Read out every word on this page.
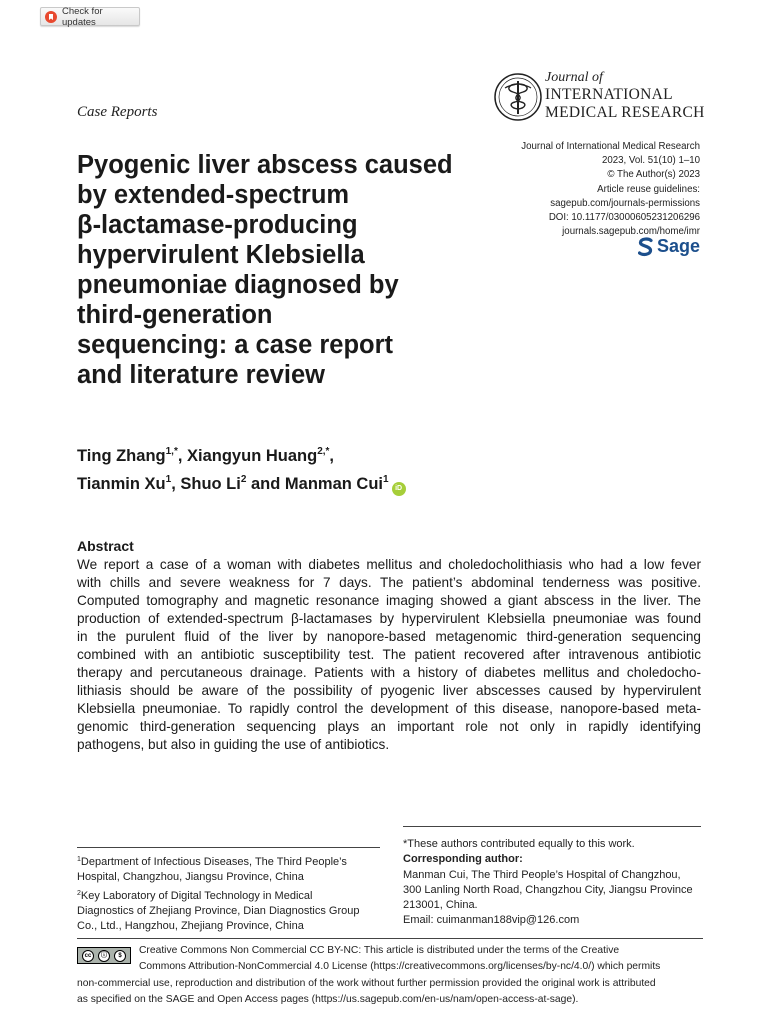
Check for updates
Case Reports
Journal of
INTERNATIONAL
MEDICAL RESEARCH
Journal of International Medical Research
2023, Vol. 51(10) 1–10
© The Author(s) 2023
Article reuse guidelines:
sagepub.com/journals-permissions
DOI: 10.1177/03000605231206296
journals.sagepub.com/home/imr
Sage
Pyogenic liver abscess caused
by extended-spectrum
β-lactamase-producing
hypervirulent Klebsiella
pneumoniae diagnosed by
third-generation
sequencing: a case report
and literature review
Ting Zhang$^{1,*}$, Xiangyun Huang$^{2,*}$,
Tianmin Xu$^1$, Shuo Li$^2$ and Manman Cui$^1$iD
Abstract
We report a case of a woman with diabetes mellitus and choledocholithiasis who had a low fever
with chills and severe weakness for 7 days. The patient’s abdominal tenderness was positive.
Computed tomography and magnetic resonance imaging showed a giant abscess in the liver. The
production of extended-spectrum β-lactamases by hypervirulent Klebsiella pneumoniae was found
in the purulent fluid of the liver by nanopore-based metagenomic third-generation sequencing
combined with an antibiotic susceptibility test. The patient recovered after intravenous antibiotic
therapy and percutaneous drainage. Patients with a history of diabetes mellitus and choledocho-
lithiasis should be aware of the possibility of pyogenic liver abscesses caused by hypervirulent
Klebsiella pneumoniae. To rapidly control the development of this disease, nanopore-based meta-
genomic third-generation sequencing plays an important role not only in rapidly identifying
pathogens, but also in guiding the use of antibiotics.
$^1$Department of Infectious Diseases, The Third People’s
Hospital, Changzhou, Jiangsu Province, China
$^2$Key Laboratory of Digital Technology in Medical
Diagnostics of Zhejiang Province, Dian Diagnostics Group
Co., Ltd., Hangzhou, Zhejiang Province, China
*These authors contributed equally to this work.
Corresponding author:
Manman Cui, The Third People’s Hospital of Changzhou,
300 Lanling North Road, Changzhou City, Jiangsu Province
213001, China.
Email: cuimanman188vip@126.com
cc	ⓘ	$	Creative Commons Non Commercial CC BY-NC: This article is distributed under the terms of the Creative
Commons Attribution-NonCommercial 4.0 License (https://creativecommons.org/licenses/by-nc/4.0/) which permits
non-commercial use, reproduction and distribution of the work without further permission provided the original work is attributed
as specified on the SAGE and Open Access pages (https://us.sagepub.com/en-us/nam/open-access-at-sage).
